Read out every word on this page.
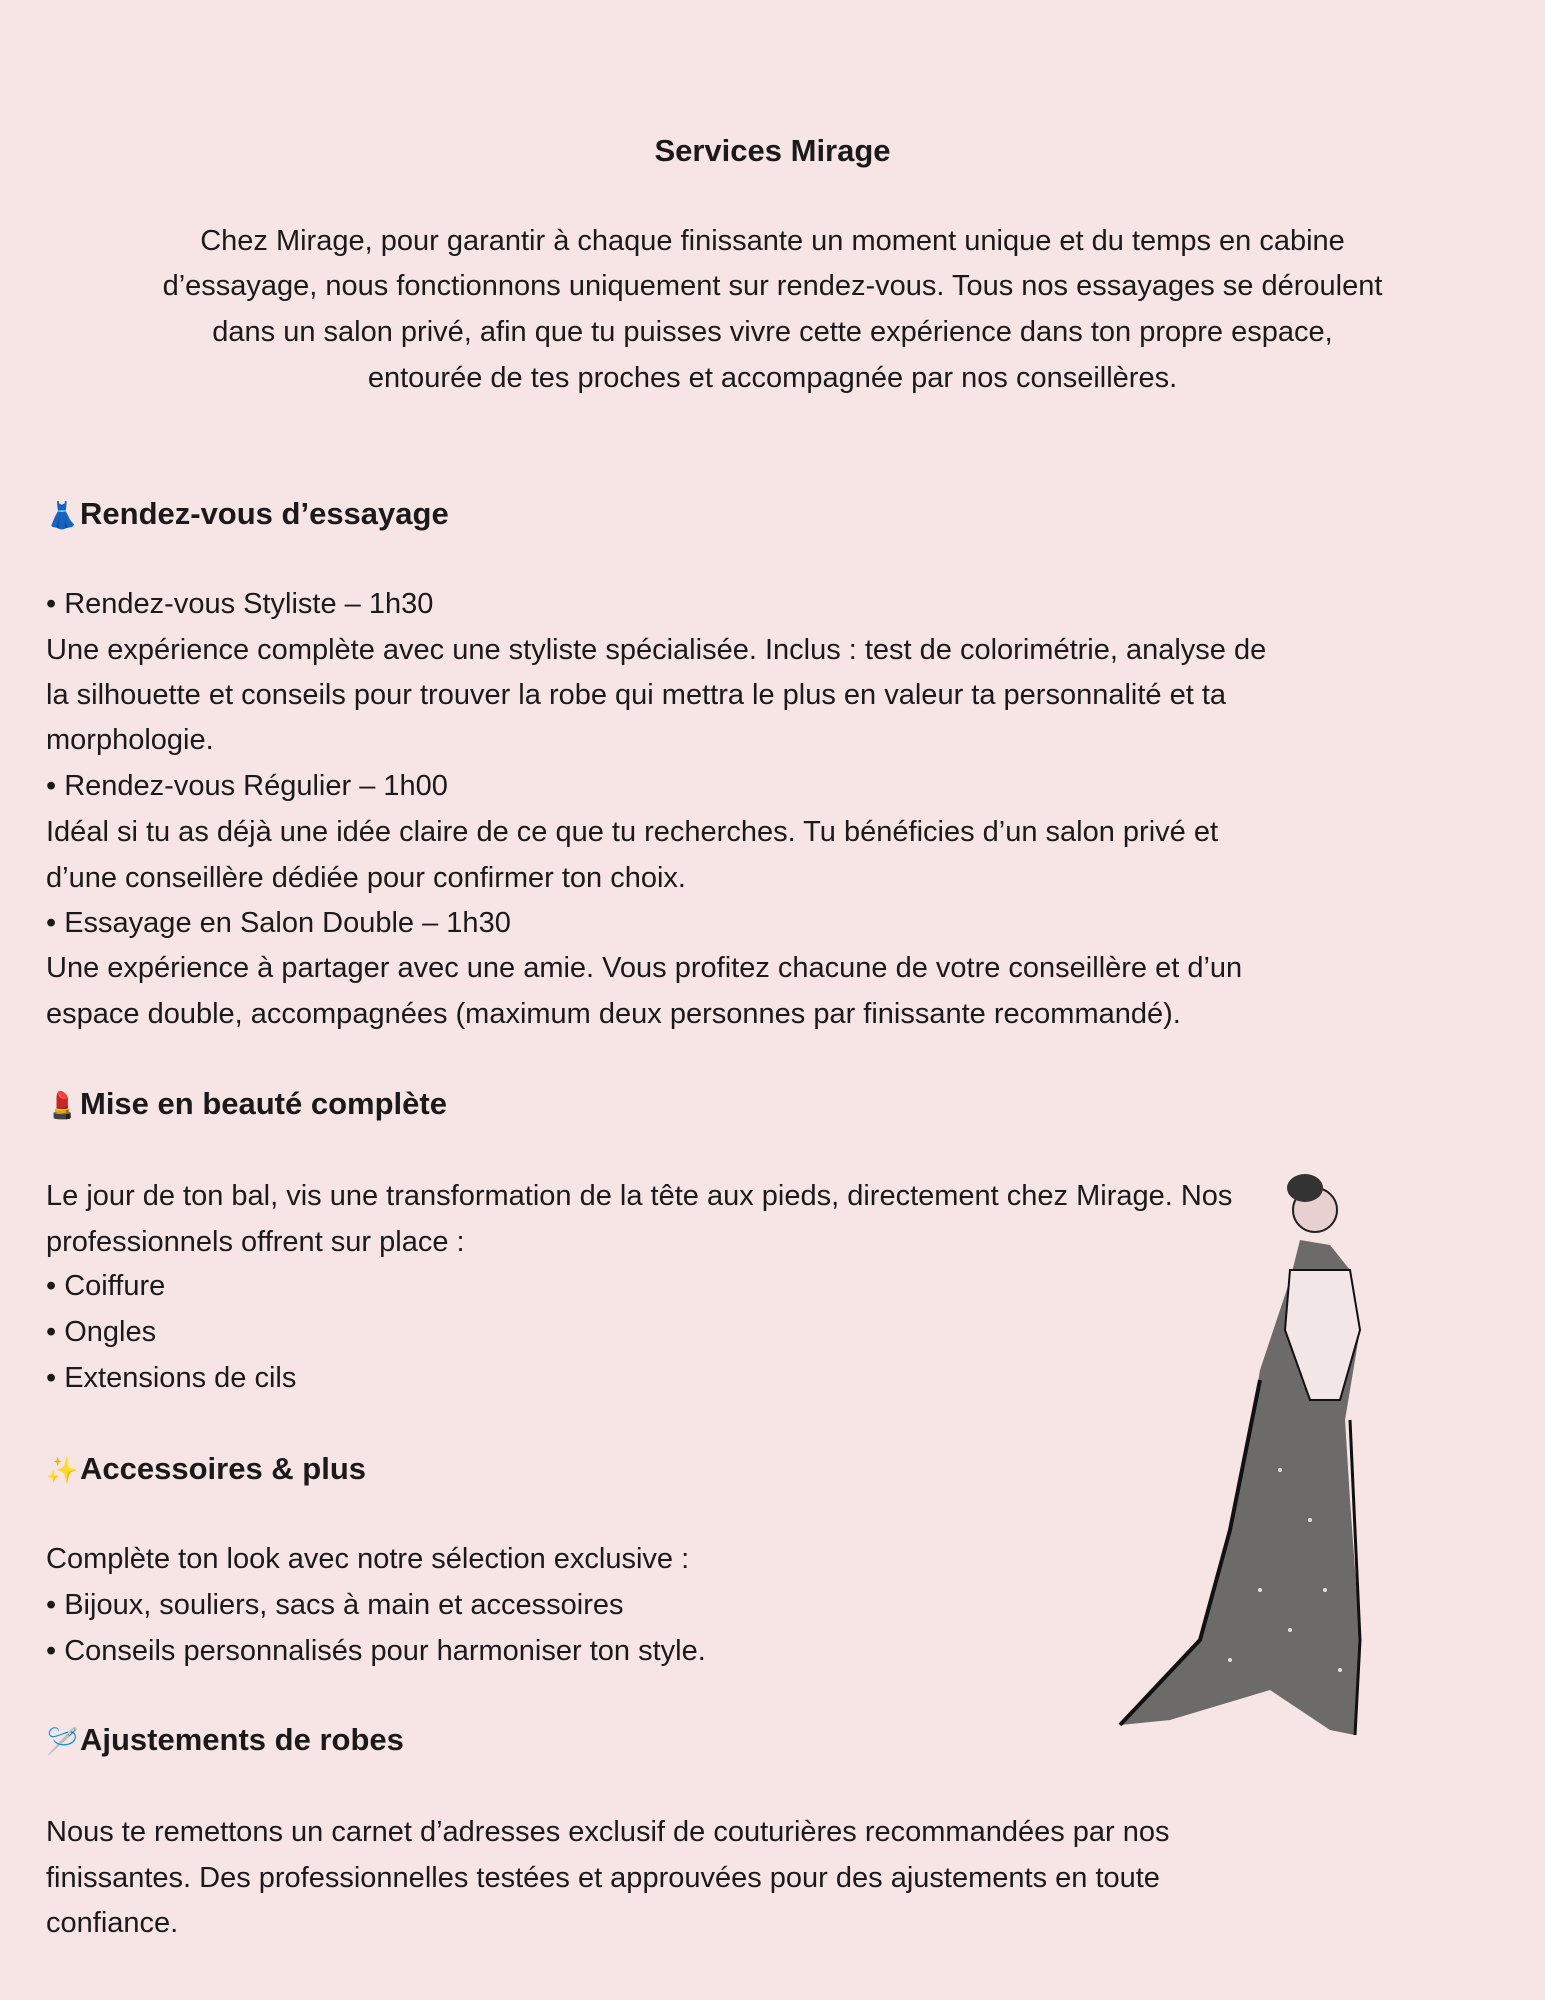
Services Mirage
Chez Mirage, pour garantir à chaque finissante un moment unique et du temps en cabine
d’essayage, nous fonctionnons uniquement sur rendez-vous. Tous nos essayages se déroulent
dans un salon privé, afin que tu puisses vivre cette expérience dans ton propre espace,
entourée de tes proches et accompagnée par nos conseillères.
👗Rendez-vous d’essayage
• Rendez-vous Styliste – 1h30
Une expérience complète avec une styliste spécialisée. Inclus : test de colorimétrie, analyse de
la silhouette et conseils pour trouver la robe qui mettra le plus en valeur ta personnalité et ta
morphologie.
• Rendez-vous Régulier – 1h00
Idéal si tu as déjà une idée claire de ce que tu recherches. Tu bénéficies d’un salon privé et
d’une conseillère dédiée pour confirmer ton choix.
• Essayage en Salon Double – 1h30
Une expérience à partager avec une amie. Vous profitez chacune de votre conseillère et d’un
espace double, accompagnées (maximum deux personnes par finissante recommandé).
💄Mise en beauté complète
Le jour de ton bal, vis une transformation de la tête aux pieds, directement chez Mirage. Nos
professionnels offrent sur place :
• Coiffure
• Ongles
• Extensions de cils
✨Accessoires & plus
Complète ton look avec notre sélection exclusive :
• Bijoux, souliers, sacs à main et accessoires
• Conseils personnalisés pour harmoniser ton style.
🪡Ajustements de robes
Nous te remettons un carnet d’adresses exclusif de couturières recommandées par nos
finissantes. Des professionnelles testées et approuvées pour des ajustements en toute
confiance.
